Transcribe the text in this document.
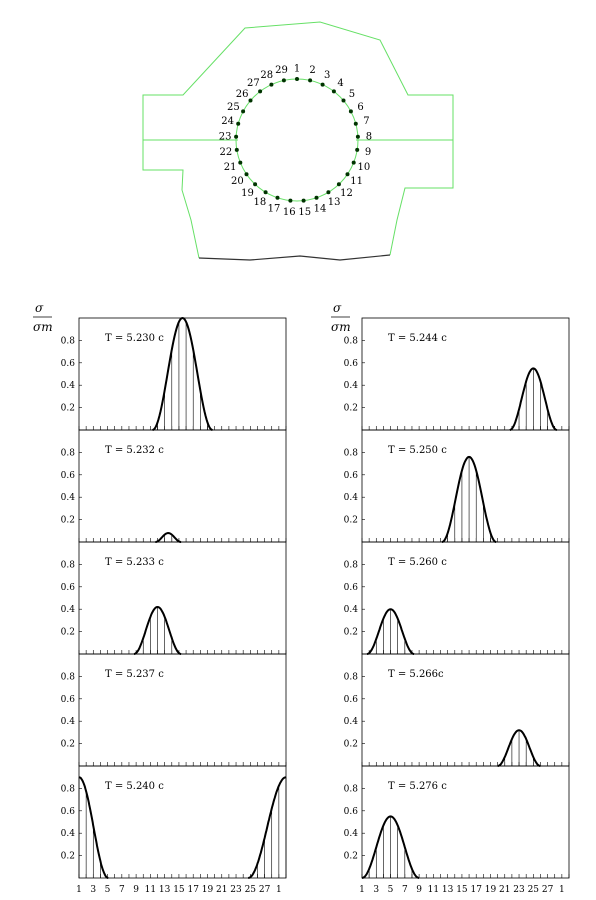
1 2 3
4
5
6
7
8
9
10
11
12
13
14
15
16
17
18
19
20
21
22
23
24
25
26
27
28 29
σ
σm
σ
σm
0.2
0.4
0.6
0.8	T = 5.230 c
0.2
0.4
0.6
0.8	T = 5.232 c
0.2
0.4
0.6
0.8	T = 5.233 c
0.2
0.4
0.6
0.8	T = 5.237 c
0.2
0.4
0.6
0.8	T = 5.240 c
1 3 5 7 9 11 13 15 17 19 21 23 25 27 1
0.2
0.4
0.6
0.8	T = 5.244 c
0.2
0.4
0.6
0.8	T = 5.250 c
0.2
0.4
0.6
0.8	T = 5.260 c
0.2
0.4
0.6
0.8	T = 5.266c
0.2
0.4
0.6
0.8	T = 5.276 c
1 3 5 7 9 11 13 15 17 19 21 23 25 27 1
